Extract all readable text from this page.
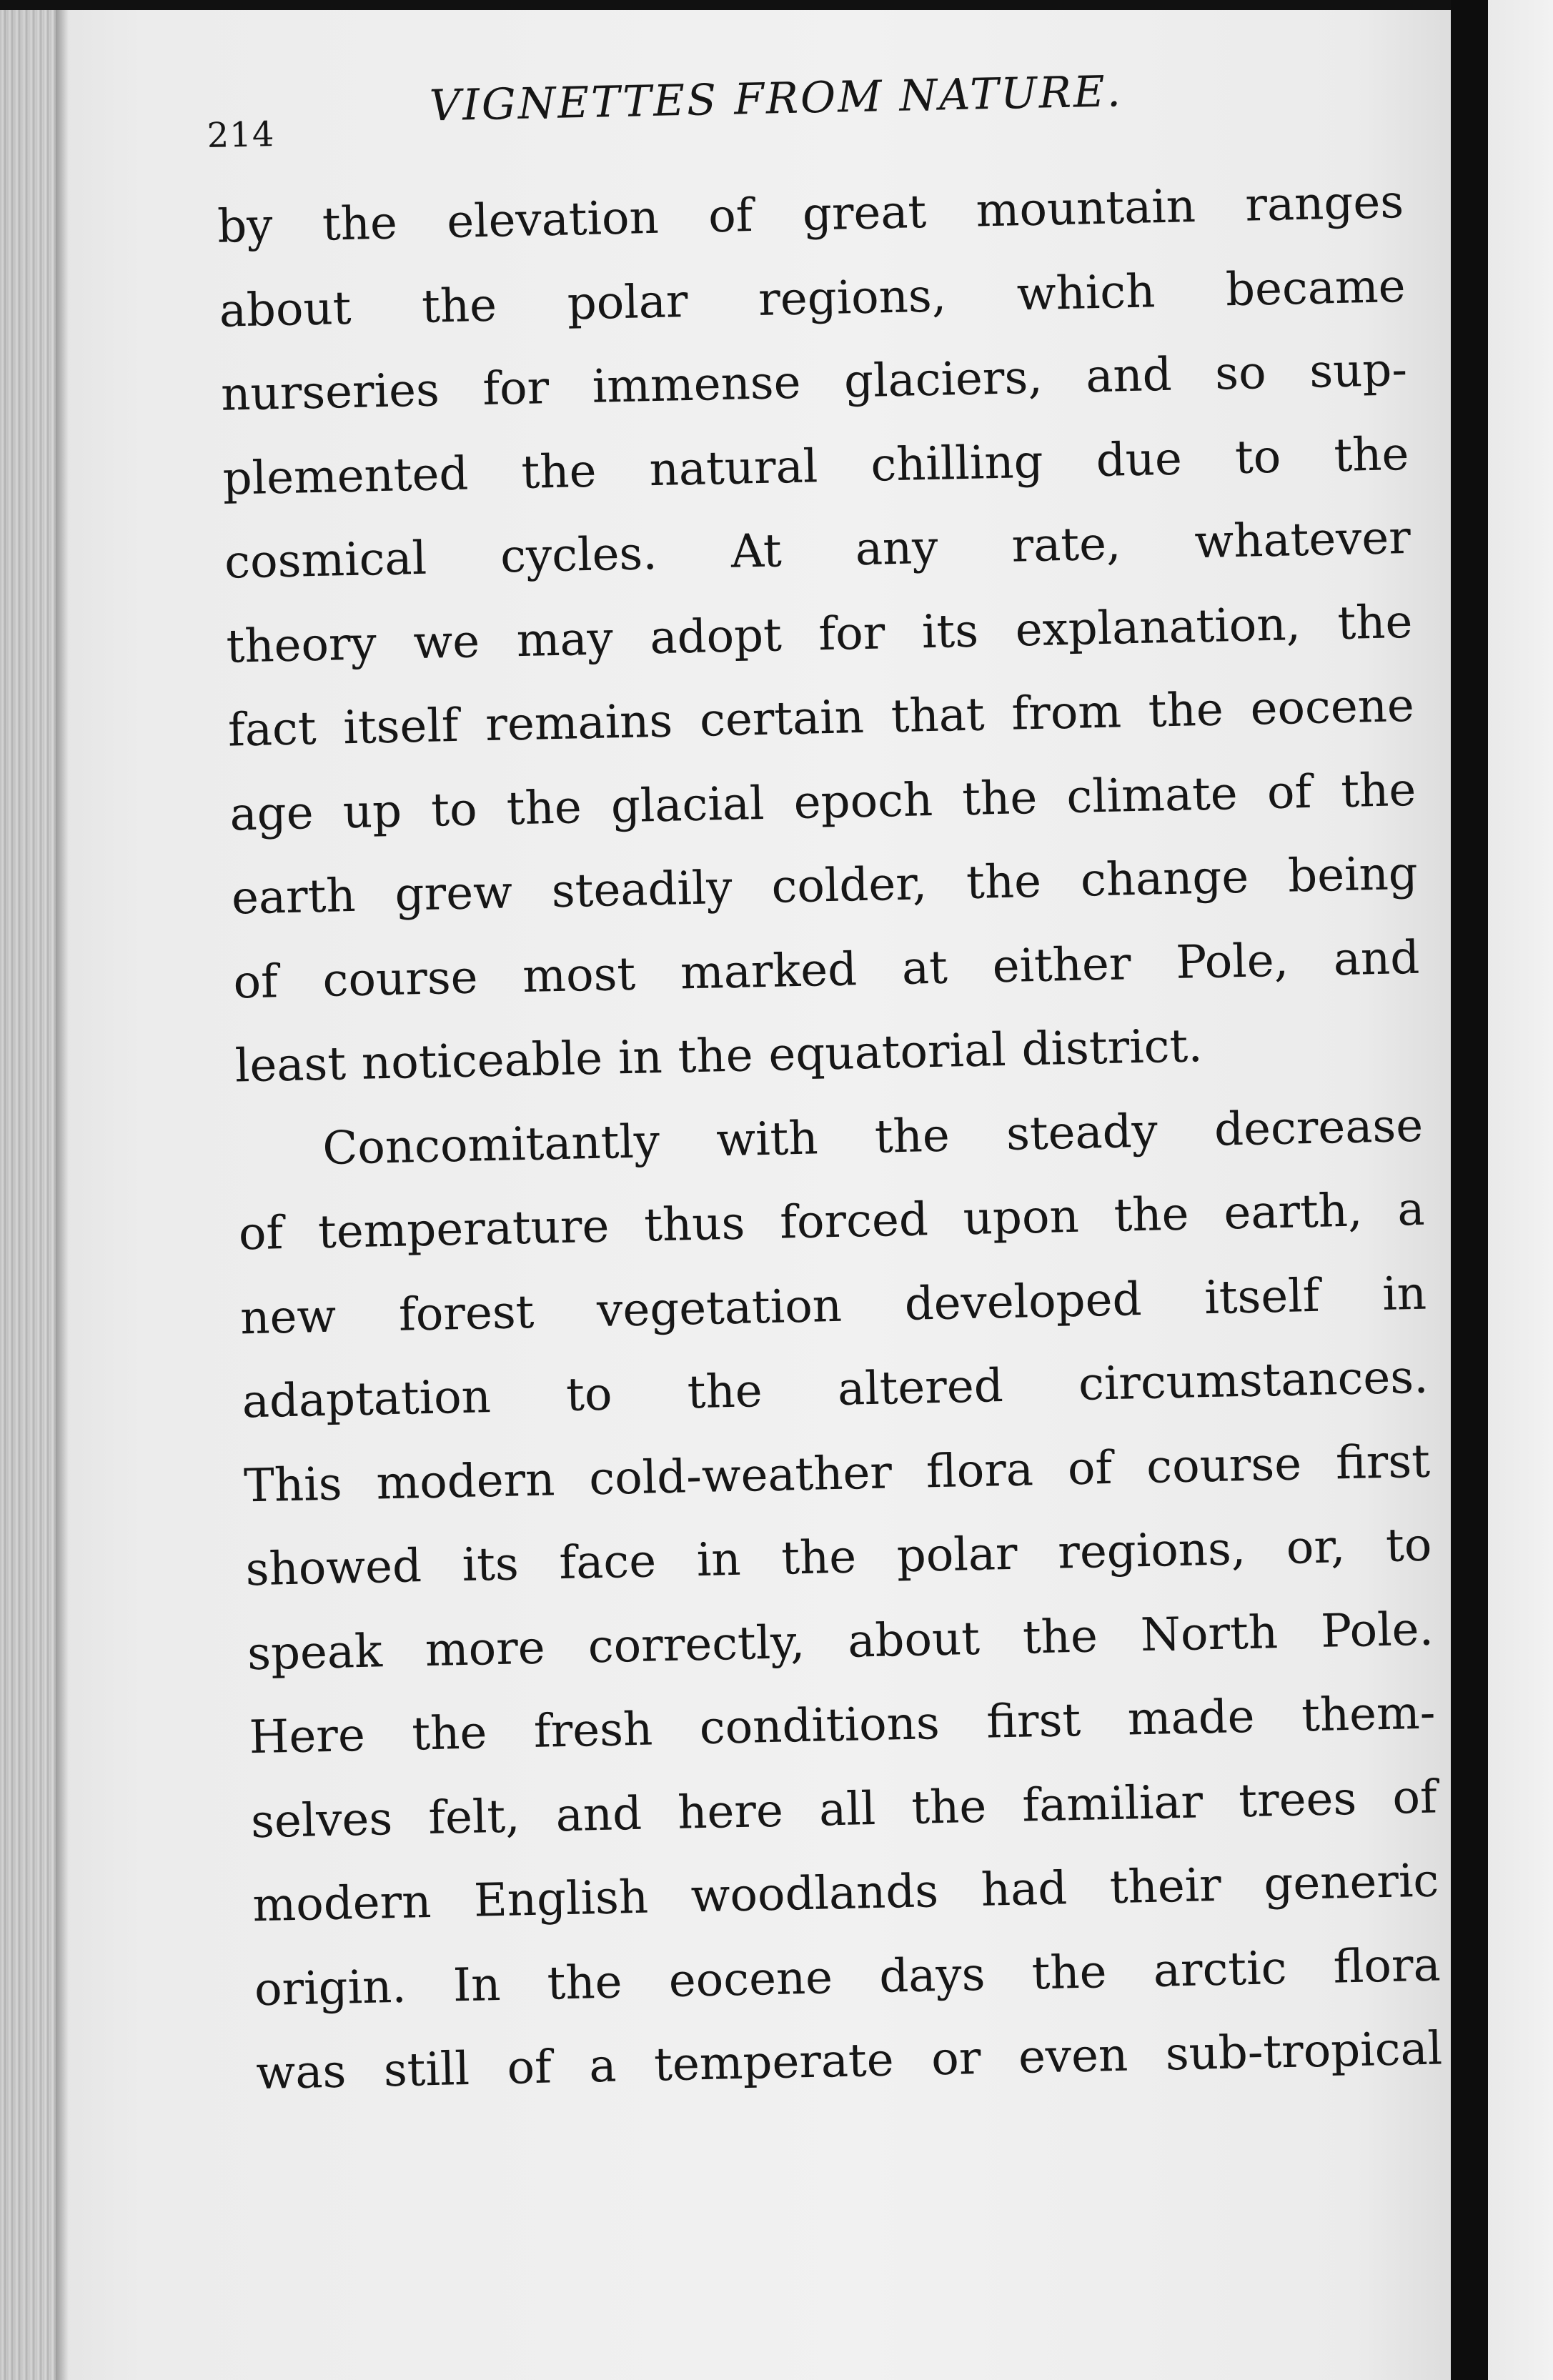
214
VIGNETTES FROM NATURE.
by the elevation of great mountain ranges
about the polar regions, which became
nurseries for immense glaciers, and so sup-
plemented the natural chilling due to the
cosmical cycles. At any rate, whatever
theory we may adopt for its explanation, the
fact itself remains certain that from the eocene
age up to the glacial epoch the climate of the
earth grew steadily colder, the change being
of course most marked at either Pole, and
least noticeable in the equatorial district.
Concomitantly with the steady decrease
of temperature thus forced upon the earth, a
new forest vegetation developed itself in
adaptation to the altered circumstances.
This modern cold-weather flora of course first
showed its face in the polar regions, or, to
speak more correctly, about the North Pole.
Here the fresh conditions first made them-
selves felt, and here all the familiar trees of
modern English woodlands had their generic
origin. In the eocene days the arctic flora
was still of a temperate or even sub-tropical
